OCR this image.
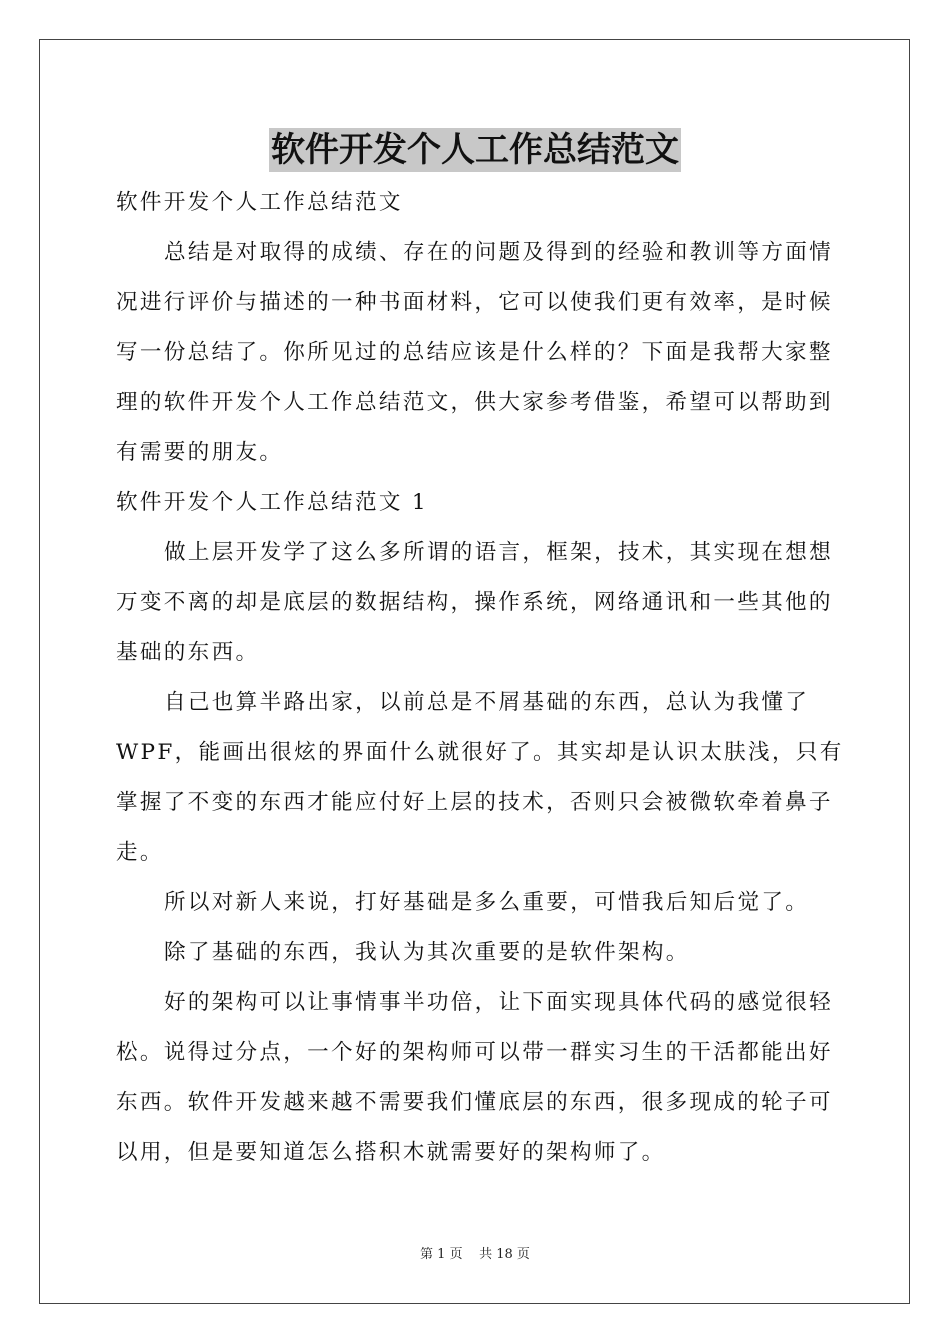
软件开发个人工作总结范文

软件开发个人工作总结范文

总结是对取得的成绩、存在的问题及得到的经验和教训等方面情

况进行评价与描述的一种书面材料，它可以使我们更有效率，是时候

写一份总结了。你所见过的总结应该是什么样的？下面是我帮大家整

理的软件开发个人工作总结范文，供大家参考借鉴，希望可以帮助到

有需要的朋友。

软件开发个人工作总结范文 1

做上层开发学了这么多所谓的语言，框架，技术，其实现在想想

万变不离的却是底层的数据结构，操作系统，网络通讯和一些其他的

基础的东西。

自己也算半路出家，以前总是不屑基础的东西，总认为我懂了

WPF，能画出很炫的界面什么就很好了。其实却是认识太肤浅，只有

掌握了不变的东西才能应付好上层的技术，否则只会被微软牵着鼻子

走。

所以对新人来说，打好基础是多么重要，可惜我后知后觉了。

除了基础的东西，我认为其次重要的是软件架构。

好的架构可以让事情事半功倍，让下面实现具体代码的感觉很轻

松。说得过分点，一个好的架构师可以带一群实习生的干活都能出好

东西。软件开发越来越不需要我们懂底层的东西，很多现成的轮子可

以用，但是要知道怎么搭积木就需要好的架构师了。

第 1 页 共 18 页
